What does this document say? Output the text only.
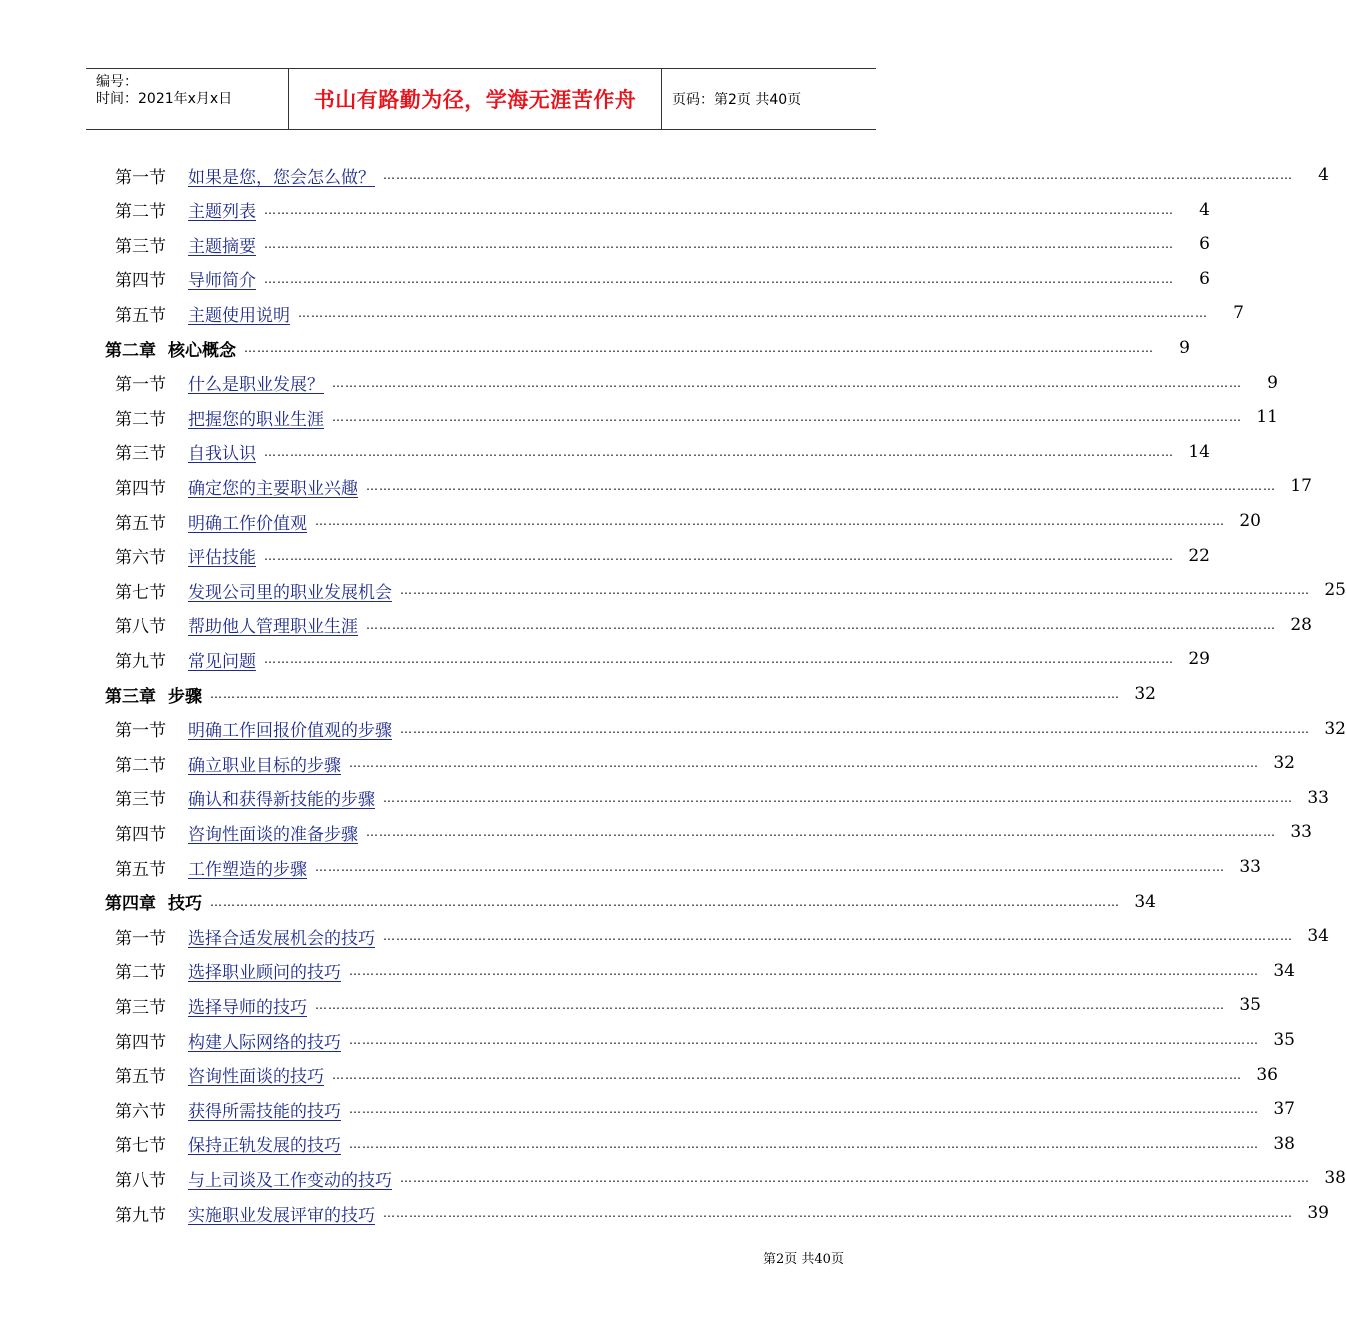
编号：
时间：2021年x月x日	书山有路勤为径，学海无涯苦作舟	页码：第2页 共40页
第一节	如果是您，您会怎么做？ …………………………………………………………………………………………………………………………………………………………………………………………	4
第二节	主题列表 …………………………………………………………………………………………………………………………………………………………………………………………	4
第三节	主题摘要 …………………………………………………………………………………………………………………………………………………………………………………………	6
第四节	导师简介 …………………………………………………………………………………………………………………………………………………………………………………………	6
第五节	主题使用说明 …………………………………………………………………………………………………………………………………………………………………………………………	7
第二章 核心概念 …………………………………………………………………………………………………………………………………………………………………………………………	9
第一节	什么是职业发展？ …………………………………………………………………………………………………………………………………………………………………………………………	9
第二节	把握您的职业生涯 …………………………………………………………………………………………………………………………………………………………………………………………	11
第三节	自我认识 …………………………………………………………………………………………………………………………………………………………………………………………	14
第四节	确定您的主要职业兴趣 …………………………………………………………………………………………………………………………………………………………………………………………	17
第五节	明确工作价值观 …………………………………………………………………………………………………………………………………………………………………………………………	20
第六节	评估技能 …………………………………………………………………………………………………………………………………………………………………………………………	22
第七节	发现公司里的职业发展机会 …………………………………………………………………………………………………………………………………………………………………………………………	25
第八节	帮助他人管理职业生涯 …………………………………………………………………………………………………………………………………………………………………………………………	28
第九节	常见问题 …………………………………………………………………………………………………………………………………………………………………………………………	29
第三章 步骤 …………………………………………………………………………………………………………………………………………………………………………………………	32
第一节	明确工作回报价值观的步骤 …………………………………………………………………………………………………………………………………………………………………………………………	32
第二节	确立职业目标的步骤 …………………………………………………………………………………………………………………………………………………………………………………………	32
第三节	确认和获得新技能的步骤 …………………………………………………………………………………………………………………………………………………………………………………………	33
第四节	咨询性面谈的准备步骤 …………………………………………………………………………………………………………………………………………………………………………………………	33
第五节	工作塑造的步骤 …………………………………………………………………………………………………………………………………………………………………………………………	33
第四章 技巧 …………………………………………………………………………………………………………………………………………………………………………………………	34
第一节	选择合适发展机会的技巧 …………………………………………………………………………………………………………………………………………………………………………………………	34
第二节	选择职业顾问的技巧 …………………………………………………………………………………………………………………………………………………………………………………………	34
第三节	选择导师的技巧 …………………………………………………………………………………………………………………………………………………………………………………………	35
第四节	构建人际网络的技巧 …………………………………………………………………………………………………………………………………………………………………………………………	35
第五节	咨询性面谈的技巧 …………………………………………………………………………………………………………………………………………………………………………………………	36
第六节	获得所需技能的技巧 …………………………………………………………………………………………………………………………………………………………………………………………	37
第七节	保持正轨发展的技巧 …………………………………………………………………………………………………………………………………………………………………………………………	38
第八节	与上司谈及工作变动的技巧 …………………………………………………………………………………………………………………………………………………………………………………………	38
第九节	实施职业发展评审的技巧 …………………………………………………………………………………………………………………………………………………………………………………………	39
第2页 共40页
